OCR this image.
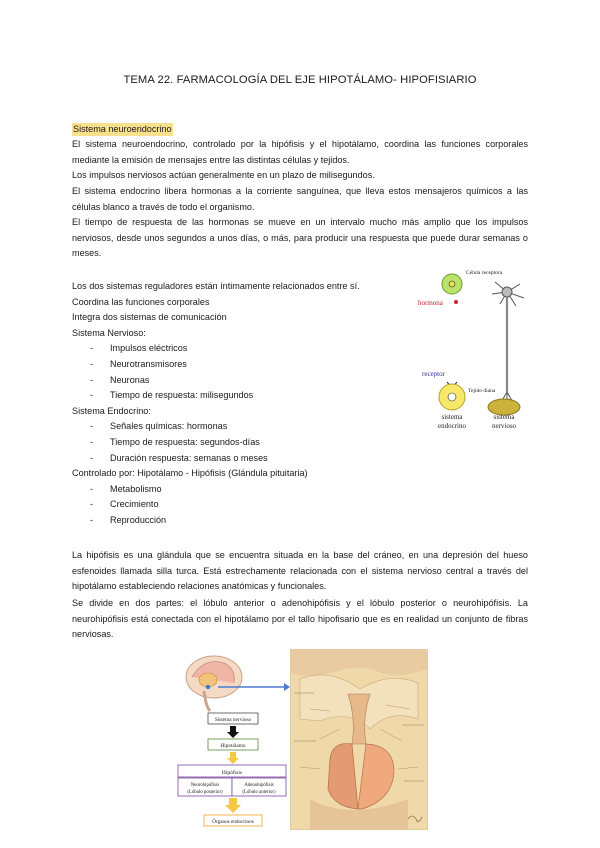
TEMA 22. FARMACOLOGÍA DEL EJE HIPOTÁLAMO- HIPOFISIARIO
Sistema neuroendocrino
El sistema neuroendocrino, controlado por la hipófisis y el hipotálamo, coordina las funciones corporales mediante la emisión de mensajes entre las distintas células y tejidos.
Los impulsos nerviosos actúan generalmente en un plazo de milisegundos.
El sistema endocrino libera hormonas a la corriente sanguínea, que lleva estos mensajeros químicos a las células blanco a través de todo el organismo.
El tiempo de respuesta de las hormonas se mueve en un intervalo mucho más amplio que los impulsos nerviosos, desde unos segundos a unos días, o más, para producir una respuesta que puede durar semanas o meses.
Los dos sistemas reguladores están íntimamente relacionados entre sí.
Coordina las funciones corporales
Integra dos sistemas de comunicación
Sistema Nervioso:
- Impulsos eléctricos
- Neurotransmisores
- Neuronas
- Tiempo de respuesta: milisegundos
Sistema Endocrino:
- Señales químicas: hormonas
- Tiempo de respuesta: segundos-días
- Duración respuesta: semanas o meses
Controlado por: Hipotálamo - Hipófisis (Glándula pituitaria)
- Metabolismo
- Crecimiento
- Reproducción
Célula receptora
hormona
receptor
Tejido diana
sistema
endocrino
sistema
nervioso
La hipófisis es una glándula que se encuentra situada en la base del cráneo, en una depresión del hueso esfenoides llamada silla turca. Está estrechamente relacionada con el sistema nervioso central a través del hipotálamo estableciendo relaciones anatómicas y funcionales.
Se divide en dos partes: el lóbulo anterior o adenohipófisis y el lóbulo posterior o neurohipófisis. La neurohipófisis está conectada con el hipotálamo por el tallo hipofisario que es en realidad un conjunto de fibras nerviosas.
Sistema nervioso
Hipotálamo
Hipófisis
Neurohipófisis
(Lóbulo posterior)
Adenohipófisis
(Lóbulo anterior)
Órganos endocrinos
